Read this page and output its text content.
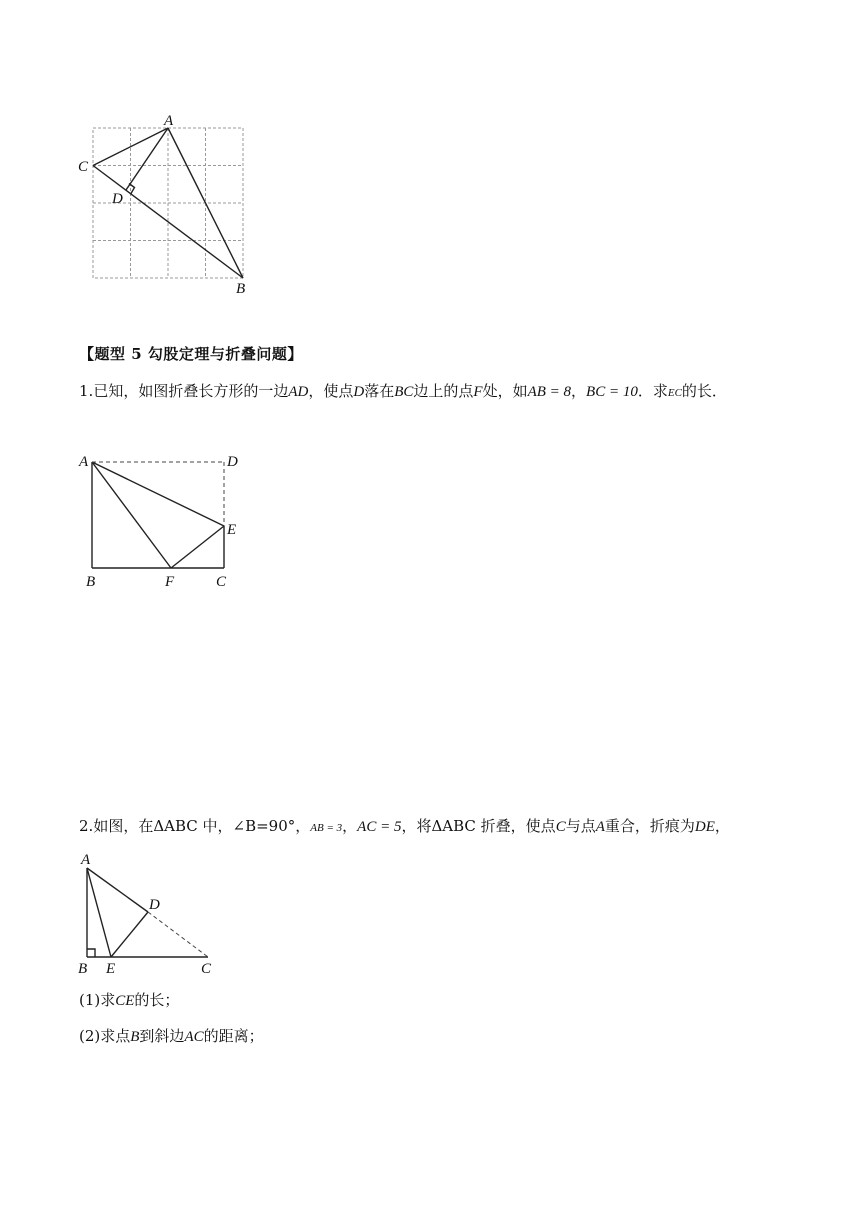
A
C
D
B
【题型 5 勾股定理与折叠问题】
1.已知，如图折叠长方形的一边AD，使点D落在BC边上的点F处，如AB = 8，BC = 10．求EC的长．
A	D
E
B	F	C
2.如图，在ΔABC 中，∠B=90°，AB = 3，AC = 5，将ΔABC 折叠，使点C与点A重合，折痕为DE，
A
D
B E	C
(1)求CE的长；
(2)求点B到斜边AC的距离；
